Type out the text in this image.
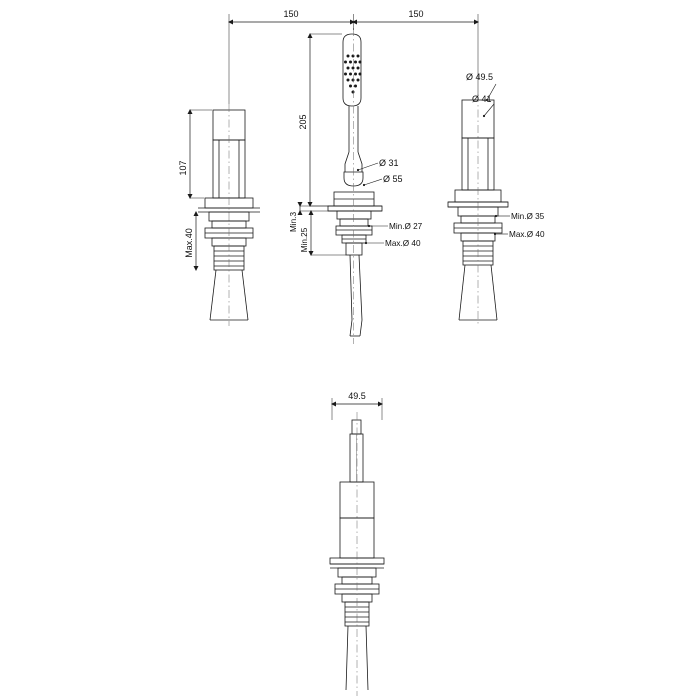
107
Max.40
150	150
205
Ø 31
Ø 55
Min.3
Min.25
Min.Ø 27
Max.Ø 40
Ø 49.5
Ø 41
Min.Ø 35
Max.Ø 40
49.5
